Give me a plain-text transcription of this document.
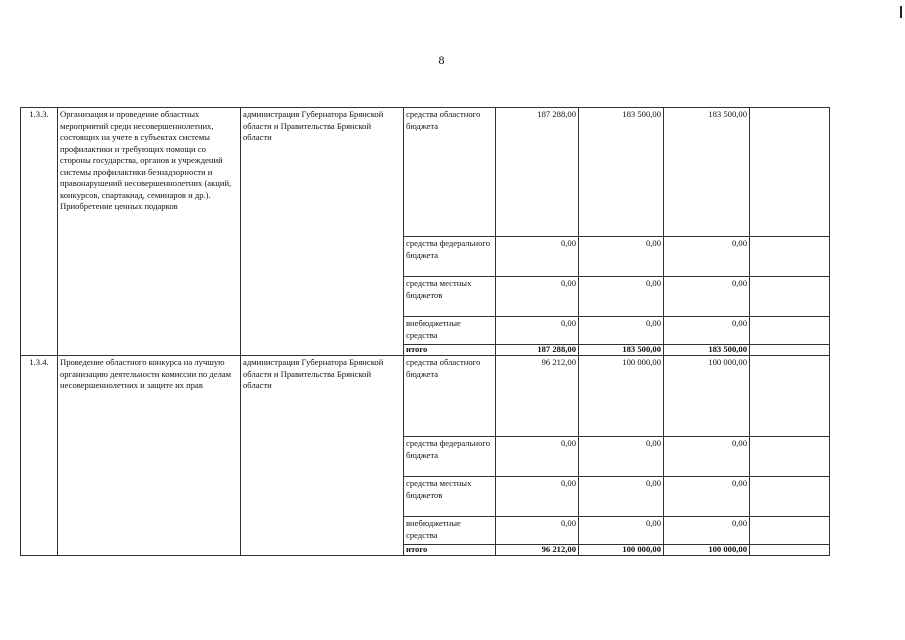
8
1.3.3.	Организация и проведение областных мероприятий среди несовершеннолетних, состоящих на учете в субъектах системы профилактики и требующих помощи со стороны государства, органов и учреждений системы профилактики безнадзорности и правонарушений несовершеннолетних (акций, конкурсов, спартакиад, семинаров и др.). Приобретение ценных подарков	администрация Губернатора Брянской области и Правительства Брянской области	средства областного бюджета	187 288,00	183 500,00	183 500,00	
			средства федерального бюджета	0,00	0,00	0,00	
			средства местных бюджетов	0,00	0,00	0,00	
			внебюджетные средства	0,00	0,00	0,00	
			итого	187 288,00	183 500,00	183 500,00	
1.3.4.	Проведение областного конкурса на лучшую организацию деятельности комиссии по делам несовершеннолетних и защите их прав	администрация Губернатора Брянской области и Правительства Брянской области	средства областного бюджета	96 212,00	100 000,00	100 000,00	
			средства федерального бюджета	0,00	0,00	0,00	
			средства местных бюджетов	0,00	0,00	0,00	
			внебюджетные средства	0,00	0,00	0,00	
			итого	96 212,00	100 000,00	100 000,00	
